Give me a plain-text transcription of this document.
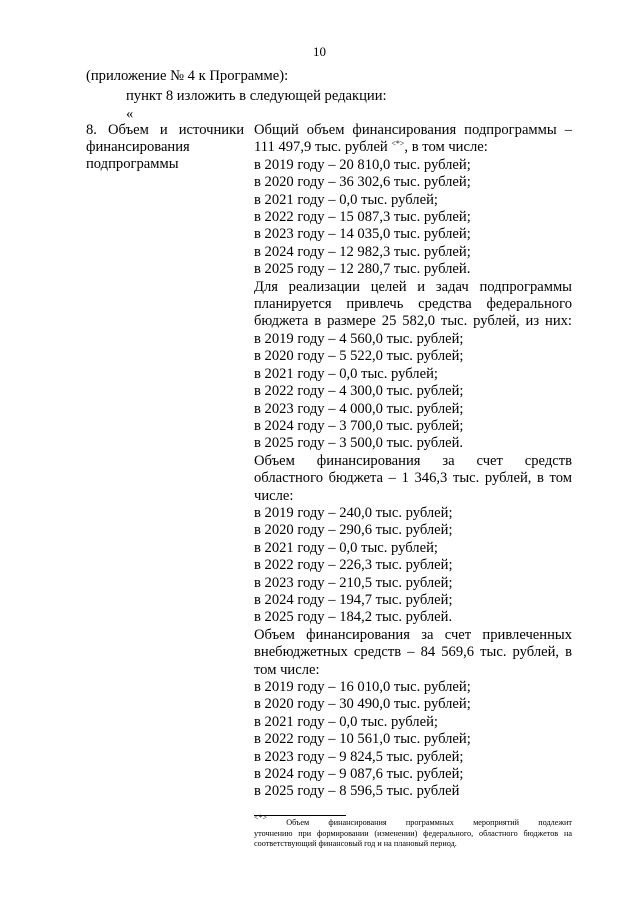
10
(приложение № 4 к Программе):
пункт 8 изложить в следующей редакции:
«
8. Объем и источники
финансирования
подпрограммы
Общий объем финансирования подпрограммы –
111 497,9 тыс. рублей <*>, в том числе:
в 2019 году – 20 810,0 тыс. рублей;
в 2020 году – 36 302,6 тыс. рублей;
в 2021 году – 0,0 тыс. рублей;
в 2022 году – 15 087,3 тыс. рублей;
в 2023 году – 14 035,0 тыс. рублей;
в 2024 году – 12 982,3 тыс. рублей;
в 2025 году – 12 280,7 тыс. рублей.
Для реализации целей и задач подпрограммы
планируется привлечь средства федерального
бюджета в размере 25 582,0 тыс. рублей, из них:
в 2019 году – 4 560,0 тыс. рублей;
в 2020 году – 5 522,0 тыс. рублей;
в 2021 году – 0,0 тыс. рублей;
в 2022 году – 4 300,0 тыс. рублей;
в 2023 году – 4 000,0 тыс. рублей;
в 2024 году – 3 700,0 тыс. рублей;
в 2025 году – 3 500,0 тыс. рублей.
Объем финансирования за счет средств
областного бюджета – 1 346,3 тыс. рублей, в том
числе:
в 2019 году – 240,0 тыс. рублей;
в 2020 году – 290,6 тыс. рублей;
в 2021 году – 0,0 тыс. рублей;
в 2022 году – 226,3 тыс. рублей;
в 2023 году – 210,5 тыс. рублей;
в 2024 году – 194,7 тыс. рублей;
в 2025 году – 184,2 тыс. рублей.
Объем финансирования за счет привлеченных
внебюджетных средств – 84 569,6 тыс. рублей, в
том числе:
в 2019 году – 16 010,0 тыс. рублей;
в 2020 году – 30 490,0 тыс. рублей;
в 2021 году – 0,0 тыс. рублей;
в 2022 году – 10 561,0 тыс. рублей;
в 2023 году – 9 824,5 тыс. рублей;
в 2024 году – 9 087,6 тыс. рублей;
в 2025 году – 8 596,5 тыс. рублей
<*> Объем финансирования программных мероприятий подлежит
уточнению при формировании (изменении) федерального, областного бюджетов на
соответствующий финансовый год и на плановый период.
